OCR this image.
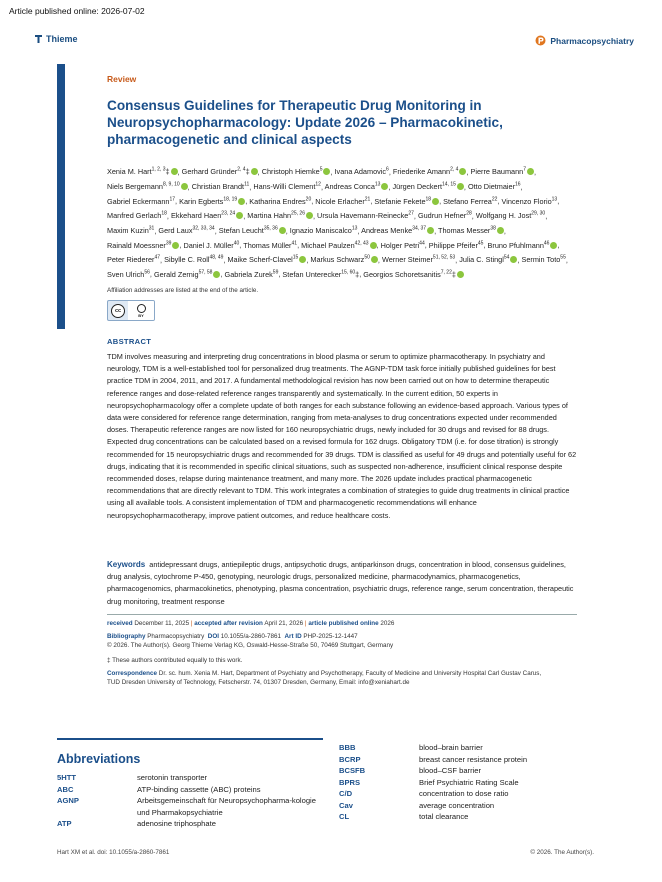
Article published online: 2026-07-02
Thieme	Pharmacopsychiatry
Review
Consensus Guidelines for Therapeutic Drug Monitoring in Neuropsychopharmacology: Update 2026 – Pharmacokinetic, pharmacogenetic and clinical aspects
Xenia M. Hart$^{1, 2, 3}$‡ , Gerhard Gründer$^{2, 4}$‡ , Christoph Hiemke$^5$ , Ivana Adamovic$^6$, Friederike Amann$^{2, 4}$ , Pierre Baumann$^7$ , Niels Bergemann$^{8, 9, 10}$ , Christian Brandt$^{11}$, Hans-Willi Clement$^{12}$, Andreas Conca$^{13}$ , Jürgen Deckert$^{14, 15}$ , Otto Dietmaier$^{16}$, Gabriel Eckermann$^{17}$, Karin Egberts$^{18, 19}$ , Katharina Endres$^{20}$, Nicole Erlacher$^{21}$, Stefanie Fekete$^{18}$ , Stefano Ferrea$^{22}$, Vincenzo Florio$^{13}$, Manfred Gerlach$^{18}$, Ekkehard Haen$^{23, 24}$ , Martina Hahn$^{25, 26}$ , Ursula Havemann-Reinecke$^{27}$, Gudrun Hefner$^{28}$, Wolfgang H. Jost$^{29, 30}$, Maxim Kuzin$^{31}$, Gerd Laux$^{32, 33, 34}$, Stefan Leucht$^{35, 36}$ , Ignazio Maniscalco$^{13}$, Andreas Menke$^{34, 37}$ , Thomas Messer$^{38}$ , Rainald Moessner$^{39}$ , Daniel J. Müller$^{40}$, Thomas Müller$^{41}$, Michael Paulzen$^{42, 43}$ , Holger Petri$^{44}$, Philippe Pfeifer$^{45}$, Bruno Pfuhlmann$^{46}$ , Peter Riederer$^{47}$, Sibylle C. Roll$^{48, 49}$, Maike Scherf-Clavel$^{15}$ , Markus Schwarz$^{50}$ , Werner Steimer$^{51, 52, 53}$, Julia C. Stingl$^{54}$ , Sermin Toto$^{55}$, Sven Ulrich$^{56}$, Gerald Zernig$^{57, 58}$ , Gabriela Zurek$^{59}$, Stefan Unterecker$^{15, 60}$‡, Georgios Schoretsanitis$^{7, 22}$‡
Affiliation addresses are listed at the end of the article.
cc
BY
ABSTRACT
TDM involves measuring and interpreting drug concentrations in blood plasma or serum to optimize pharmacotherapy. In psychiatry and neurology, TDM is a well-established tool for personalized drug treatments. The AGNP-TDM task force initially published guidelines for best practice TDM in 2004, 2011, and 2017. A fundamental methodological revision has now been carried out on how to determine therapeutic reference ranges and dose-related reference ranges transparently and systematically. In the current edition, 50 experts in neuropsychopharmacology offer a complete update of both ranges for each substance following an evidence-based approach. Various types of data were considered for reference range determination, ranging from meta-analyses to drug concentrations expected under recommended doses. Therapeutic reference ranges are now listed for 160 neuropsychiatric drugs, newly included for 30 drugs and revised for 88 drugs. Expected drug concentrations can be calculated based on a revised formula for 162 drugs. Obligatory TDM (i.e. for dose titration) is strongly recommended for 15 neuropsychiatric drugs and recommended for 39 drugs. TDM is classified as useful for 49 drugs and potentially useful for 62 drugs, indicating that it is recommended in specific clinical situations, such as suspected non-adherence, insufficient clinical response despite recommended doses, relapse during maintenance treatment, and many more. The 2026 update includes practical pharmacogenetic recommendations that are directly relevant to TDM. This work integrates a combination of strategies to guide drug treatments in clinical practice using all available tools. A consistent implementation of TDM and pharmacogenetic recommendations will enhance neuropsychopharmacotherapy, improve patient outcomes, and reduce healthcare costs.
Keywords antidepressant drugs, antiepileptic drugs, antipsychotic drugs, antiparkinson drugs, concentration in blood, consensus guidelines, drug analysis, cytochrome P-450, genotyping, neurologic drugs, personalized medicine, pharmacodynamics, pharmacogenetics, pharmacogenomics, pharmacokinetics, phenotyping, plasma concentration, psychiatric drugs, reference range, serum concentration, therapeutic drug monitoring, treatment response
received December 11, 2025 | accepted after revision April 21, 2026 | article published online 2026
Bibliography Pharmacopsychiatry DOI 10.1055/a-2860-7861 Art ID PHP-2025-12-1447
© 2026. The Author(s). Georg Thieme Verlag KG, Oswald-Hesse-Straße 50, 70469 Stuttgart, Germany
‡ These authors contributed equally to this work.
Correspondence Dr. sc. hum. Xenia M. Hart, Department of Psychiatry and Psychotherapy, Faculty of Medicine and University Hospital Carl Gustav Carus,
TUD Dresden University of Technology, Fetscherstr. 74, 01307 Dresden, Germany, Email: info@xeniahart.de
Abbreviations
5HTT	serotonin transporter
ABC	ATP-binding cassette (ABC) proteins
AGNP	Arbeitsgemeinschaft für Neuropsychopharma-kologie und Pharmakopsychiatrie
ATP	adenosine triphosphate
BBB	blood–brain barrier
BCRP	breast cancer resistance protein
BCSFB	blood–CSF barrier
BPRS	Brief Psychiatric Rating Scale
C/D	concentration to dose ratio
Cav	average concentration
CL	total clearance
Hart XM et al. doi: 10.1055/a-2860-7861	© 2026. The Author(s).
